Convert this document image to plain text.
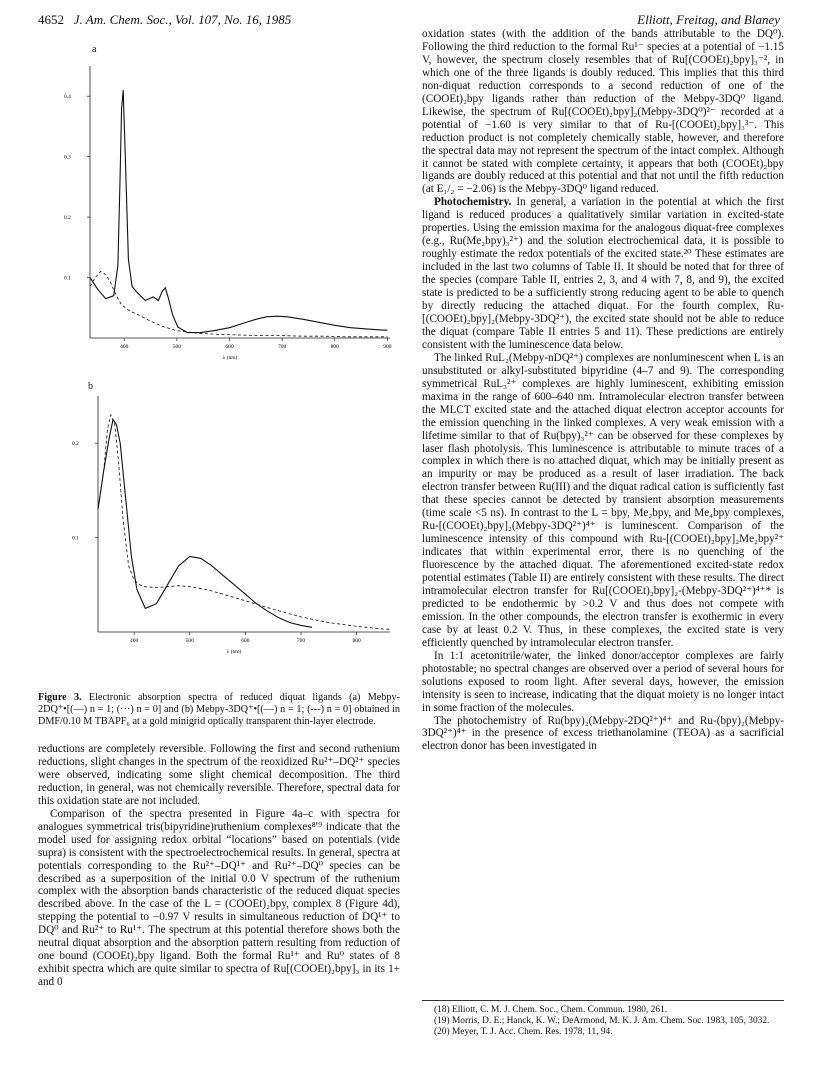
4652 J. Am. Chem. Soc., Vol. 107, No. 16, 1985	Elliott, Freitag, and Blaney
a
400	500	600	700	800	900
0.1
0.2
0.3
0.4
λ (nm)
b
400	500	600	700	800
0.1
0.2
λ (nm)
Figure 3. Electronic absorption spectra of reduced diquat ligands (a) Mebpy-2DQ⁺•[(—) n = 1; (···) n = 0] and (b) Mebpy-3DQ⁺•[(—) n = 1; (---) n = 0] obtained in DMF/0.10 M TBAPF₆ at a gold minigrid optically transparent thin-layer electrode.

reductions are completely reversible. Following the first and second ruthenium reductions, slight changes in the spectrum of the reoxidized Ru²⁺–DQ²⁺ species were observed, indicating some slight chemical decomposition. The third reduction, in general, was not chemically reversible. Therefore, spectral data for this oxidation state are not included.

Comparison of the spectra presented in Figure 4a–c with spectra for analogues symmetrical tris(bipyridine)ruthenium complexes⁸ʹ⁹ indicate that the model used for assigning redox orbital “locations” based on potentials (vide supra) is consistent with the spectroelectrochemical results. In general, spectra at potentials corresponding to the Ru²⁺–DQ¹⁺ and Ru²⁺–DQ⁰ species can be described as a superposition of the initial 0.0 V spectrum of the ruthenium complex with the absorption bands characteristic of the reduced diquat species described above. In the case of the L = (COOEt)₂bpy, complex 8 (Figure 4d), stepping the potential to −0.97 V results in simultaneous reduction of DQ¹⁺ to DQ⁰ and Ru²⁺ to Ru¹⁺. The spectrum at this potential therefore shows both the neutral diquat absorption and the absorption pattern resulting from reduction of one bound (COOEt)₂bpy ligand. Both the formal Ru¹⁺ and Ru⁰ states of 8 exhibit spectra which are quite similar to spectra of Ru[(COOEt)₂bpy]₃ in its 1+ and 0

oxidation states (with the addition of the bands attributable to the DQ⁰). Following the third reduction to the formal Ru¹⁻ species at a potential of −1.15 V, however, the spectrum closely resembles that of Ru[(COOEt)₂bpy]₃⁻², in which one of the three ligands is doubly reduced. This implies that this third non-diquat reduction corresponds to a second reduction of one of the (COOEt)₂bpy ligands rather than reduction of the Mebpy-3DQ⁰ ligand. Likewise, the spectrum of Ru[(COOEt)₂bpy]₂(Mebpy-3DQ⁰)²⁻ recorded at a potential of −1.60 is very similar to that of Ru-[(COOEt)₂bpy]₃³⁻. This reduction product is not completely chemically stable, however, and therefore the spectral data may not represent the spectrum of the intact complex. Although it cannot be stated with complete certainty, it appears that both (COOEt)₂bpy ligands are doubly reduced at this potential and that not until the fifth reduction (at E₁/₂ = −2.06) is the Mebpy-3DQ⁰ ligand reduced.

Photochemistry. In general, a variation in the potential at which the first ligand is reduced produces a qualitatively similar variation in excited-state properties. Using the emission maxima for the analogous diquat-free complexes (e.g., Ru(Me₂bpy)₃²⁺) and the solution electrochemical data, it is possible to roughly estimate the redox potentials of the excited state.²⁰ These estimates are included in the last two columns of Table II. It should be noted that for three of the species (compare Table II, entries 2, 3, and 4 with 7, 8, and 9), the excited state is predicted to be a sufficiently strong reducing agent to be able to quench by directly reducing the attached diquat. For the fourth complex, Ru-[(COOEt)₂bpy]₂(Mebpy-3DQ²⁺), the excited state should not be able to reduce the diquat (compare Table II entries 5 and 11). These predictions are entirely consistent with the luminescence data below.

The linked RuL₂(Mebpy-nDQ²⁺) complexes are nonluminescent when L is an unsubstituted or alkyl-substituted bipyridine (4–7 and 9). The corresponding symmetrical RuL₃²⁺ complexes are highly luminescent, exhibiting emission maxima in the range of 600–640 nm. Intramolecular electron transfer between the MLCT excited state and the attached diquat electron acceptor accounts for the emission quenching in the linked complexes. A very weak emission with a lifetime similar to that of Ru(bpy)₃²⁺ can be observed for these complexes by laser flash photolysis. This luminescence is attributable to minute traces of a complex in which there is no attached diquat, which may be initially present as an impurity or may be produced as a result of laser irradiation. The back electron transfer between Ru(III) and the diquat radical cation is sufficiently fast that these species cannot be detected by transient absorption measurements (time scale <5 ns). In contrast to the L = bpy, Me₂bpy, and Me₄bpy complexes, Ru-[(COOEt)₂bpy]₂(Mebpy-3DQ²⁺)⁴⁺ is luminescent. Comparison of the luminescence intensity of this compound with Ru-[(COOEt)₂bpy]₂Me₂bpy²⁺ indicates that within experimental error, there is no quenching of the fluorescence by the attached diquat. The aforementioned excited-state redox potential estimates (Table II) are entirely consistent with these results. The direct intramolecular electron transfer for Ru[(COOEt)₂bpy]₂-(Mebpy-3DQ²⁺)⁴⁺* is predicted to be endothermic by >0.2 V and thus does not compete with emission. In the other compounds, the electron transfer is exothermic in every case by at least 0.2 V. Thus, in these complexes, the excited state is very efficiently quenched by intramolecular electron transfer.

In 1:1 acetonitrile/water, the linked donor/acceptor complexes are fairly photostable; no spectral changes are observed over a period of several hours for solutions exposed to room light. After several days, however, the emission intensity is seen to increase, indicating that the diquat moiety is no longer intact in some fraction of the molecules.

The photochemistry of Ru(bpy)₂(Mebpy-2DQ²⁺)⁴⁺ and Ru-(bpy)₂(Mebpy-3DQ²⁺)⁴⁺ in the presence of excess triethanolamine (TEOA) as a sacrificial electron donor has been investigated in

(18) Elliott, C. M. J. Chem. Soc., Chem. Commun. 1980, 261.

(19) Morris, D. E.; Hanck, K. W.; DeArmond, M. K. J. Am. Chem. Soc. 1983, 105, 3032.

(20) Meyer, T. J. Acc. Chem. Res. 1978, 11, 94.
